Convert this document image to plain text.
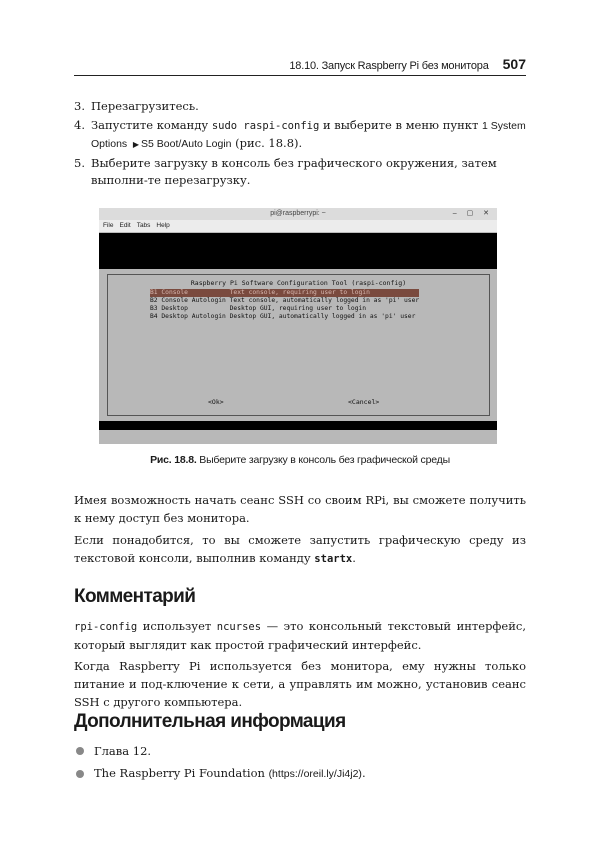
18.10. Запуск Raspberry Pi без монитора 507
3. Перезагрузитесь.
4. Запустите команду sudo raspi-config и выберите в меню пункт 1 System Options ▶ S5 Boot/Auto Login (рис. 18.8).
5. Выберите загрузку в консоль без графического окружения, затем выполни-те перезагрузку.
pi@raspberrypi: ~	– ▢ ✕
File Edit Tabs Help
Raspberry Pi Software Configuration Tool (raspi-config)
B1 Console           Text console, requiring user to login
B2 Console Autologin Text console, automatically logged in as 'pi' user
B3 Desktop           Desktop GUI, requiring user to login
B4 Desktop Autologin Desktop GUI, automatically logged in as 'pi' user
<Ok>	<Cancel>
Рис. 18.8. Выберите загрузку в консоль без графической среды
Имея возможность начать сеанс SSH со своим RPi, вы сможете получить к нему доступ без монитора.
Если понадобится, то вы сможете запустить графическую среду из текстовой консоли, выполнив команду startx.
Комментарий
rpi-config использует ncurses — это консольный текстовый интерфейс, который выглядит как простой графический интерфейс.
Когда Raspberry Pi используется без монитора, ему нужны только питание и под-ключение к сети, а управлять им можно, установив сеанс SSH с другого компьютера.
Дополнительная информация
Глава 12.
The Raspberry Pi Foundation (https://oreil.ly/Ji4j2).
